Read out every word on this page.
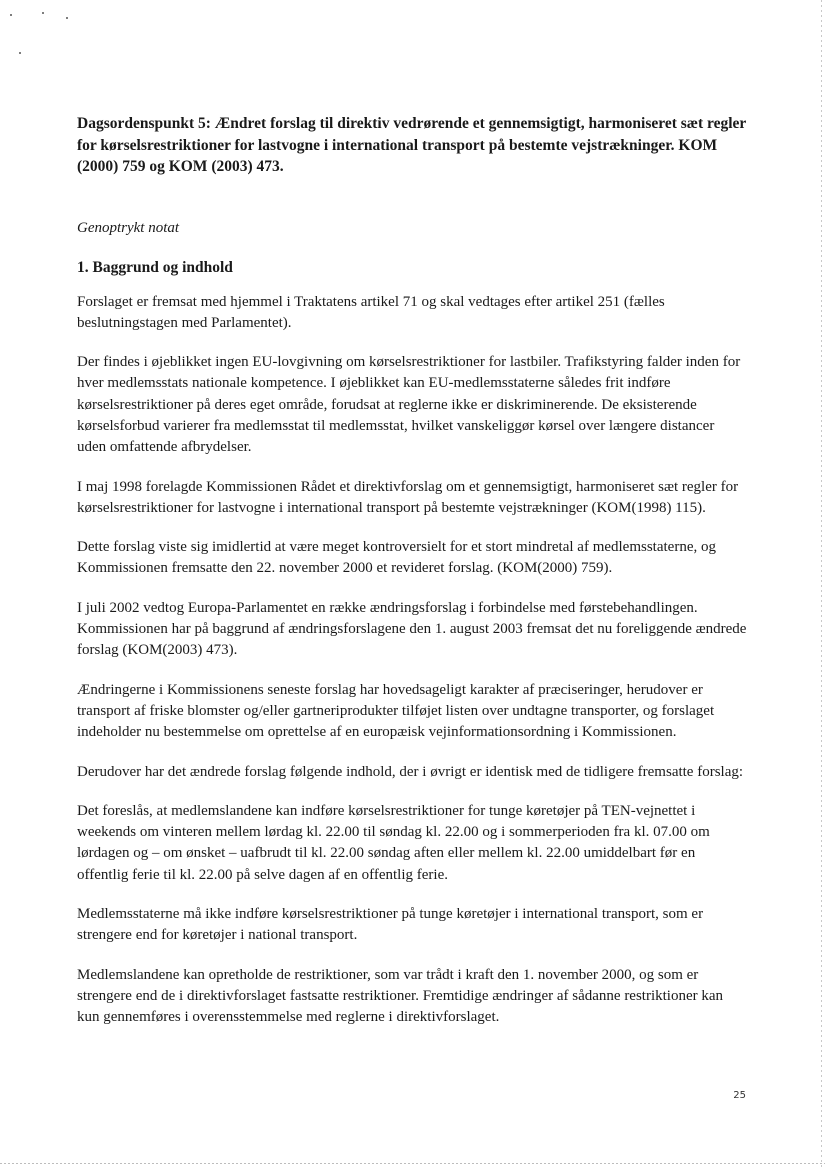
Dagsordenspunkt 5: Ændret forslag til direktiv vedrørende et gennemsigtigt, harmoniseret sæt regler for kørselsrestriktioner for lastvogne i international transport på bestemte vejstrækninger. KOM (2000) 759 og KOM (2003) 473.

Genoptrykt notat

1. Baggrund og indhold

Forslaget er fremsat med hjemmel i Traktatens artikel 71 og skal vedtages efter artikel 251 (fælles beslutningstagen med Parlamentet).

Der findes i øjeblikket ingen EU-lovgivning om kørselsrestriktioner for lastbiler. Trafikstyring falder inden for hver medlemsstats nationale kompetence. I øjeblikket kan EU-medlemsstaterne således frit indføre kørselsrestriktioner på deres eget område, forudsat at reglerne ikke er diskriminerende. De eksisterende kørselsforbud varierer fra medlemsstat til medlemsstat, hvilket vanskeliggør kørsel over længere distancer uden omfattende afbrydelser.

I maj 1998 forelagde Kommissionen Rådet et direktivforslag om et gennemsigtigt, harmoniseret sæt regler for kørselsrestriktioner for lastvogne i international transport på bestemte vejstrækninger (KOM(1998) 115).

Dette forslag viste sig imidlertid at være meget kontroversielt for et stort mindretal af medlemsstaterne, og Kommissionen fremsatte den 22. november 2000 et revideret forslag. (KOM(2000) 759).

I juli 2002 vedtog Europa-Parlamentet en række ændringsforslag i forbindelse med førstebehandlingen. Kommissionen har på baggrund af ændringsforslagene den 1. august 2003 fremsat det nu foreliggende ændrede forslag (KOM(2003) 473).

Ændringerne i Kommissionens seneste forslag har hovedsageligt karakter af præciseringer, herudover er transport af friske blomster og/eller gartneriprodukter tilføjet listen over undtagne transporter, og forslaget indeholder nu bestemmelse om oprettelse af en europæisk vejinformationsordning i Kommissionen.

Derudover har det ændrede forslag følgende indhold, der i øvrigt er identisk med de tidligere fremsatte forslag:

Det foreslås, at medlemslandene kan indføre kørselsrestriktioner for tunge køretøjer på TEN-vejnettet i weekends om vinteren mellem lørdag kl. 22.00 til søndag kl. 22.00 og i sommerperioden fra kl. 07.00 om lørdagen og – om ønsket – uafbrudt til kl. 22.00 søndag aften eller mellem kl. 22.00 umiddelbart før en offentlig ferie til kl. 22.00 på selve dagen af en offentlig ferie.

Medlemsstaterne må ikke indføre kørselsrestriktioner på tunge køretøjer i international transport, som er strengere end for køretøjer i national transport.

Medlemslandene kan opretholde de restriktioner, som var trådt i kraft den 1. november 2000, og som er strengere end de i direktivforslaget fastsatte restriktioner. Fremtidige ændringer af sådanne restriktioner kan kun gennemføres i overensstemmelse med reglerne i direktivforslaget.

25
